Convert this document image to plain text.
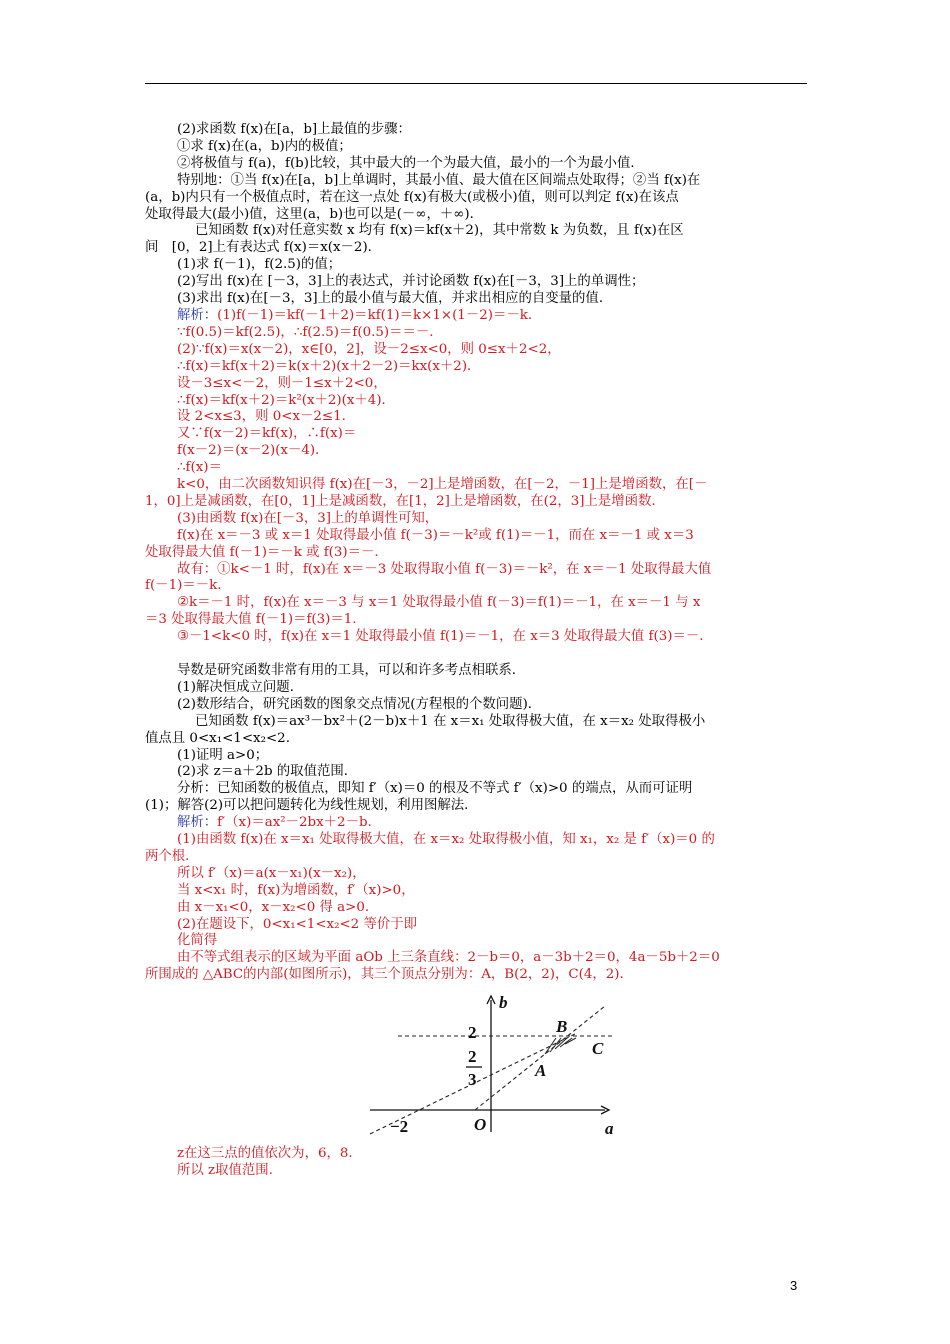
(2)求函数 f(x)在[a，b]上最值的步骤：
①求 f(x)在(a，b)内的极值；
②将极值与 f(a)，f(b)比较，其中最大的一个为最大值，最小的一个为最小值．
特别地：①当 f(x)在[a，b]上单调时，其最小值、最大值在区间端点处取得；②当 f(x)在
(a，b)内只有一个极值点时，若在这一点处 f(x)有极大(或极小)值，则可以判定 f(x)在该点
处取得最大(最小)值，这里(a，b)也可以是(－∞，＋∞)．
已知函数 f(x)对任意实数 x 均有 f(x)＝kf(x＋2)，其中常数 k 为负数，且 f(x)在区
间　[0，2]上有表达式 f(x)＝x(x－2)．
(1)求 f(－1)，f(2.5)的值；
(2)写出 f(x)在 [－3，3]上的表达式，并讨论函数 f(x)在[－3，3]上的单调性；
(3)求出 f(x)在[－3，3]上的最小值与最大值，并求出相应的自变量的值．
解析：(1)f(－1)＝kf(－1＋2)＝kf(1)＝k×1×(1－2)＝－k.
∵f(0.5)＝kf(2.5)，∴f(2.5)＝f(0.5)＝＝－.
(2)∵f(x)＝x(x－2)，x∈[0，2]，设－2≤x<0，则 0≤x＋2<2，
∴f(x)＝kf(x＋2)＝k(x＋2)(x＋2－2)＝kx(x＋2)．
设－3≤x<－2，则－1≤x＋2<0，
∴f(x)＝kf(x＋2)＝k²(x＋2)(x＋4)．
设 2<x≤3，则 0<x－2≤1.
又∵f(x－2)＝kf(x)，∴f(x)＝
f(x－2)＝(x－2)(x－4)．
∴f(x)＝
k<0，由二次函数知识得 f(x)在[－3，－2]上是增函数，在[－2，－1]上是增函数，在[－
1，0]上是减函数，在[0，1]上是减函数，在[1，2]上是增函数，在(2，3]上是增函数．
(3)由函数 f(x)在[－3，3]上的单调性可知，
f(x)在 x＝－3 或 x＝1 处取得最小值 f(－3)＝－k²或 f(1)＝－1，而在 x＝－1 或 x＝3
处取得最大值 f(－1)＝－k 或 f(3)＝－.
故有：①k<－1 时，f(x)在 x＝－3 处取得取小值 f(－3)＝－k²，在 x＝－1 处取得最大值
f(－1)＝－k.
②k＝－1 时，f(x)在 x＝－3 与 x＝1 处取得最小值 f(－3)＝f(1)＝－1，在 x＝－1 与 x
＝3 处取得最大值 f(－1)＝f(3)＝1.
③－1<k<0 时，f(x)在 x＝1 处取得最小值 f(1)＝－1，在 x＝3 处取得最大值 f(3)＝－.
导数是研究函数非常有用的工具，可以和许多考点相联系．
(1)解决恒成立问题．
(2)数形结合，研究函数的图象交点情况(方程根的个数问题)．
已知函数 f(x)＝ax³－bx²＋(2－b)x＋1 在 x＝x₁ 处取得极大值，在 x＝x₂ 处取得极小
值点且 0<x₁<1<x₂<2.
(1)证明 a>0；
(2)求 z＝a＋2b 的取值范围．
分析：已知函数的极值点，即知 f′（x)＝0 的根及不等式 f′（x)>0 的端点，从而可证明
(1)；解答(2)可以把问题转化为线性规划，利用图解法．
解析：f′（x)＝ax²－2bx＋2－b.
(1)由函数 f(x)在 x＝x₁ 处取得极大值，在 x＝x₂ 处取得极小值，知 x₁，x₂ 是 f′（x)＝0 的
两个根．
所以 f′（x)＝a(x－x₁)(x－x₂)，
当 x<x₁ 时，f(x)为增函数，f′（x)>0，
由 x－x₁<0，x－x₂<0 得 a>0.
(2)在题设下，0<x₁<1<x₂<2 等价于即
化简得
由不等式组表示的区域为平面 aOb 上三条直线：2－b＝0，a－3b＋2＝0，4a－5b＋2＝0
所围成的 △ABC的内部(如图所示)，其三个顶点分别为：A，B(2，2)，C(4，2)．
b
a
O
B
C
A
−2
2
2
3
z在这三点的值依次为，6，8.
所以 z取值范围.
3
